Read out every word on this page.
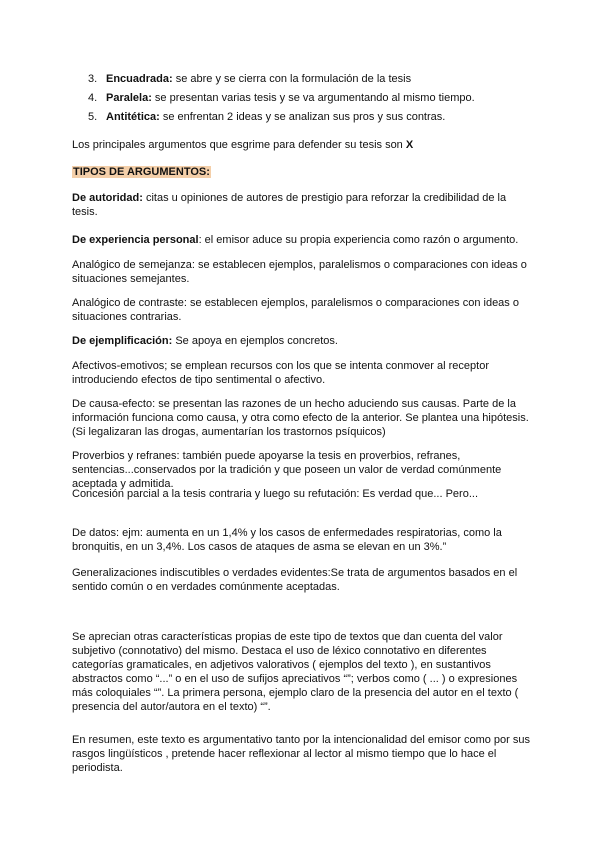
3. Encuadrada: se abre y se cierra con la formulación de la tesis
4. Paralela: se presentan varias tesis y se va argumentando al mismo tiempo.
5. Antitética: se enfrentan 2 ideas y se analizan sus pros y sus contras.

Los principales argumentos que esgrime para defender su tesis son X

TIPOS DE ARGUMENTOS:

De autoridad: citas u opiniones de autores de prestigio para reforzar la credibilidad de la tesis.

De experiencia personal: el emisor aduce su propia experiencia como razón o argumento.

Analógico de semejanza: se establecen ejemplos, paralelismos o comparaciones con ideas o situaciones semejantes.

Analógico de contraste: se establecen ejemplos, paralelismos o comparaciones con ideas o situaciones contrarias.

De ejemplificación: Se apoya en ejemplos concretos.

Afectivos-emotivos; se emplean recursos con los que se intenta conmover al receptor introduciendo efectos de tipo sentimental o afectivo.

De causa-efecto: se presentan las razones de un hecho aduciendo sus causas. Parte de la información funciona como causa, y otra como efecto de la anterior. Se plantea una hipótesis. (Si legalizaran las drogas, aumentarían los trastornos psíquicos)

Proverbios y refranes: también puede apoyarse la tesis en proverbios, refranes, sentencias...conservados por la tradición y que poseen un valor de verdad comúnmente aceptada y admitida.

Concesión parcial a la tesis contraria y luego su refutación: Es verdad que... Pero...

De datos: ejm: aumenta en un 1,4% y los casos de enfermedades respiratorias, como la bronquitis, en un 3,4%. Los casos de ataques de asma se elevan en un 3%.”

Generalizaciones indiscutibles o verdades evidentes:Se trata de argumentos basados en el sentido común o en verdades comúnmente aceptadas.

Se aprecian otras características propias de este tipo de textos que dan cuenta del valor subjetivo (connotativo) del mismo. Destaca el uso de léxico connotativo en diferentes categorías gramaticales, en adjetivos valorativos ( ejemplos del texto ), en sustantivos abstractos como “...” o en el uso de sufijos apreciativos “”; verbos como ( ... ) o expresiones más coloquiales “”. La primera persona, ejemplo claro de la presencia del autor en el texto ( presencia del autor/autora en el texto) “”.

En resumen, este texto es argumentativo tanto por la intencionalidad del emisor como por sus rasgos lingüísticos , pretende hacer reflexionar al lector al mismo tiempo que lo hace el periodista.
